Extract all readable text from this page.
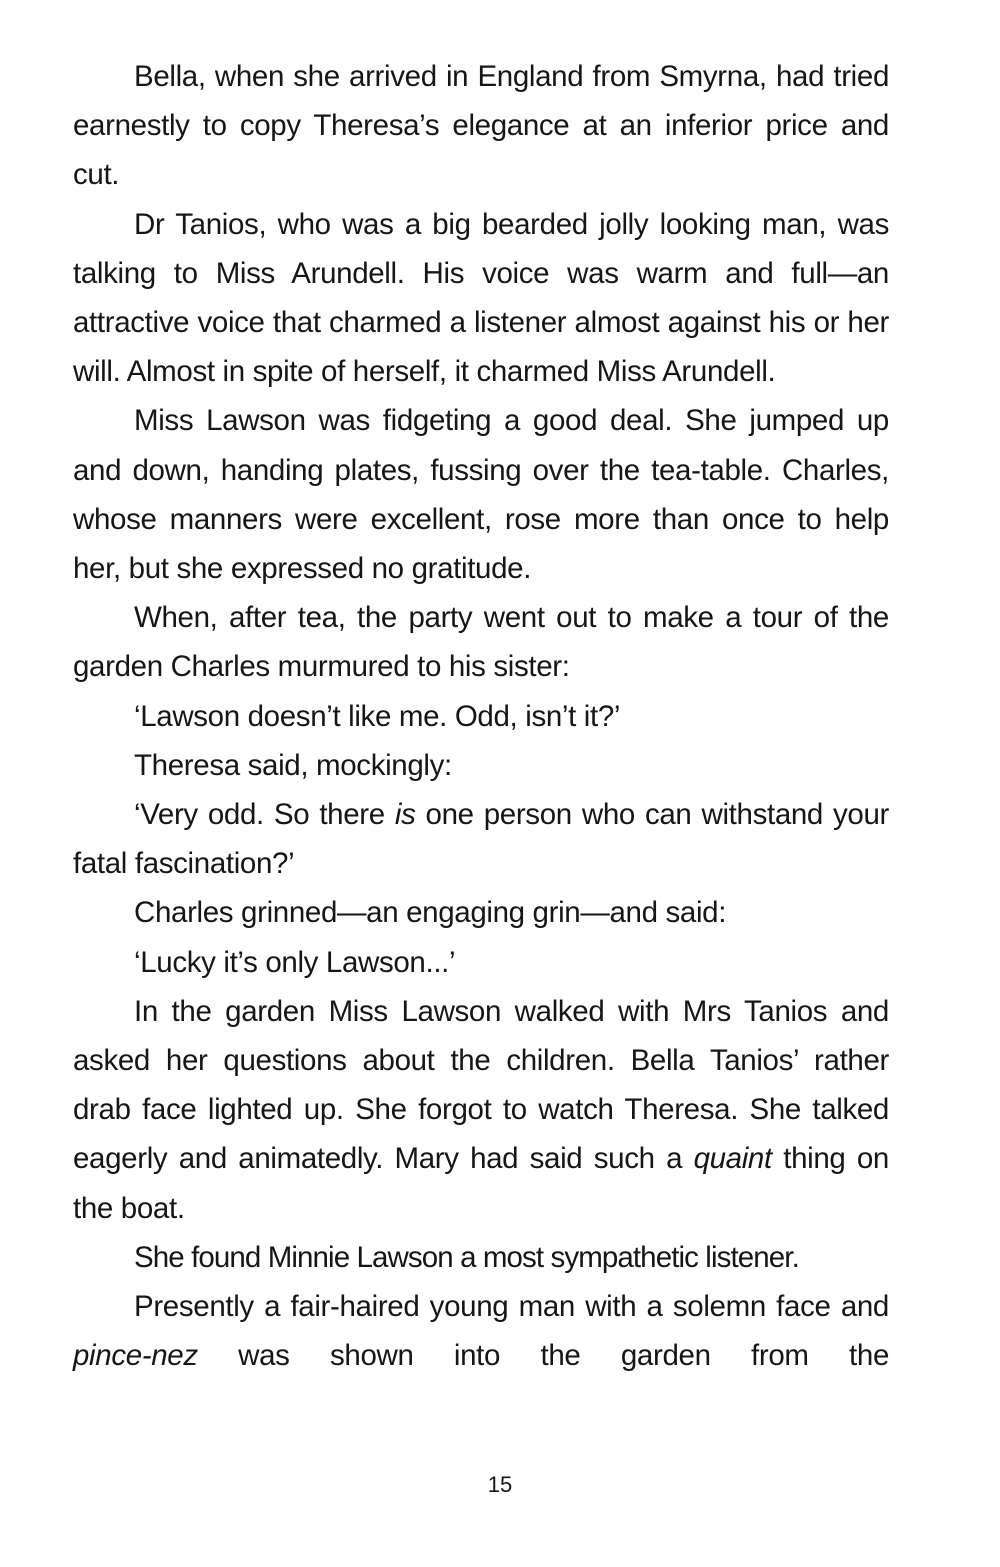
Bella, when she arrived in England from Smyrna, had tried earnestly to copy Theresa’s elegance at an inferior price and cut.

Dr Tanios, who was a big bearded jolly looking man, was talking to Miss Arundell. His voice was warm and full—an attractive voice that charmed a listener almost against his or her will. Almost in spite of herself, it charmed Miss Arundell.

Miss Lawson was fidgeting a good deal. She jumped up and down, handing plates, fussing over the tea-table. Charles, whose manners were excellent, rose more than once to help her, but she expressed no gratitude.

When, after tea, the party went out to make a tour of the garden Charles murmured to his sister:

‘Lawson doesn’t like me. Odd, isn’t it?’

Theresa said, mockingly:

‘Very odd. So there is one person who can withstand your fatal fascination?’

Charles grinned—an engaging grin—and said:

‘Lucky it’s only Lawson...’

In the garden Miss Lawson walked with Mrs Tanios and asked her questions about the children. Bella Tanios’ rather drab face lighted up. She forgot to watch Theresa. She talked eagerly and animatedly. Mary had said such a quaint thing on the boat.

She found Minnie Lawson a most sympathetic listener.

Presently a fair-haired young man with a solemn face and pince-nez was shown into the garden from the

15
